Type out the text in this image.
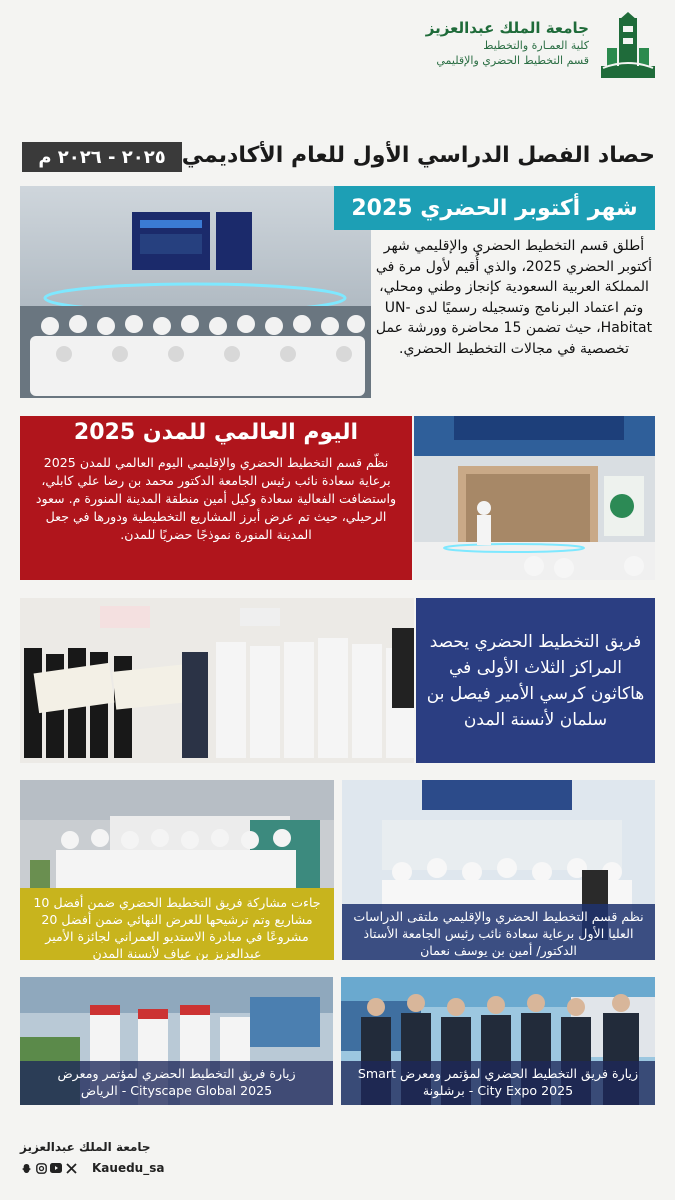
جامعة الملك عبدالعزيز
كلية العمـارة والتخطيط
قسم التخطيط الحضري والإقليمي
حصاد الفصل الدراسي الأول للعام الأكاديمي
٢٠٢٥ - ٢٠٢٦ م
شهر أكتوبر الحضري 2025
أطلق قسم التخطيط الحضري والإقليمي شهر أكتوبر الحضري 2025، والذي أُقيم لأول مرة في المملكة العربية السعودية كإنجاز وطني ومحلي، وتم اعتماد البرنامج وتسجيله رسميًا لدى UN-Habitat، حيث تضمن 15 محاضرة وورشة عمل تخصصية في مجالات التخطيط الحضري.
اليوم العالمي للمدن 2025
نظّم قسم التخطيط الحضري والإقليمي اليوم العالمي للمدن 2025 برعاية سعادة نائب رئيس الجامعة الدكتور محمد بن رضا علي كابلي، واستضافت الفعالية سعادة وكيل أمين منطقة المدينة المنورة م. سعود الرحيلي، حيث تم عرض أبرز المشاريع التخطيطية ودورها في جعل المدينة المنورة نموذجًا حضريًا للمدن.
فريق التخطيط الحضري يحصد المراكز الثلاث الأولى في هاكاثون كرسي الأمير فيصل بن سلمان لأنسنة المدن
نظم قسم التخطيط الحضري والإقليمي ملتقى الدراسات العليا الأول برعاية سعادة نائب رئيس الجامعة الأستاذ الدكتور/ أمين بن يوسف نعمان
جاءت مشاركة فريق التخطيط الحضري ضمن أفضل 10 مشاريع وتم ترشيحها للعرض النهائي ضمن أفضل 20 مشروعًا في مبادرة الاستديو العمراني لجائزة الأمير عبدالعزيز بن عياف لأنسنة المدن
زيارة فريق التخطيط الحضري لمؤتمر ومعرض Smart City Expo 2025 - برشلونة
زيارة فريق التخطيط الحضري لمؤتمر ومعرض Cityscape Global 2025 - الرياض
جامعة الملك عبدالعزيز
Kauedu_sa
